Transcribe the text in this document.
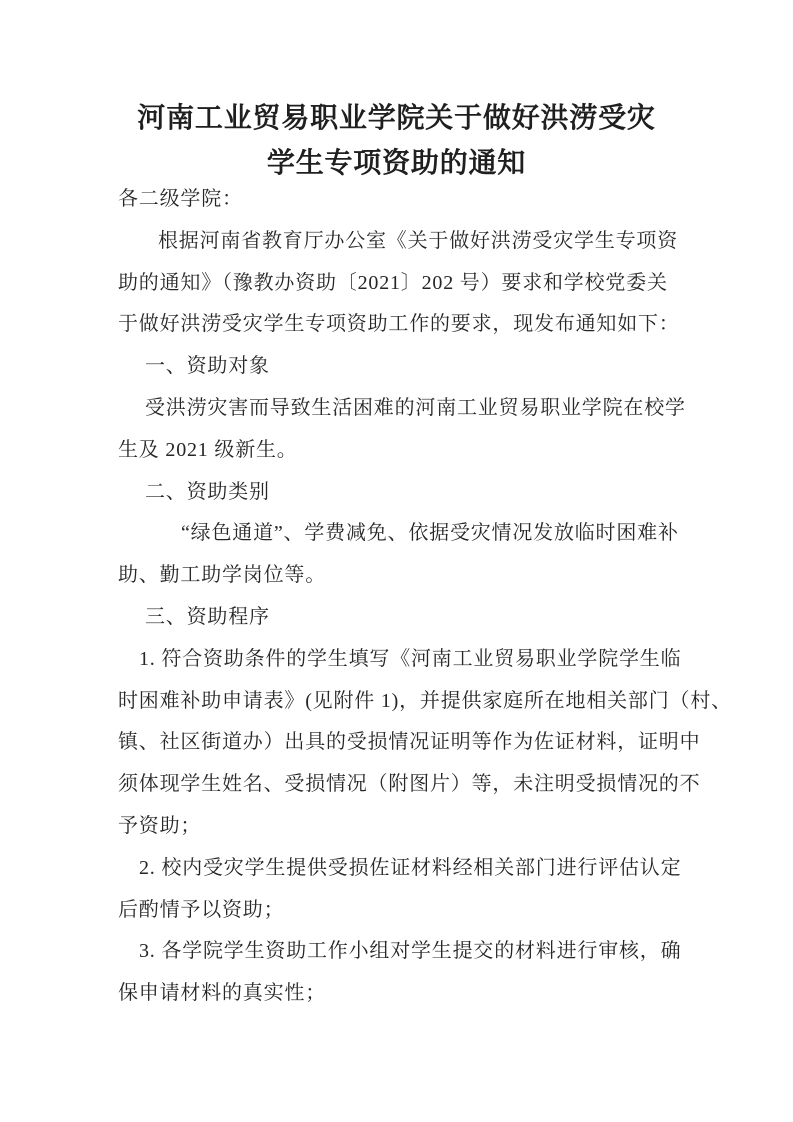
河南工业贸易职业学院关于做好洪涝受灾
学生专项资助的通知
各二级学院：
根据河南省教育厅办公室《关于做好洪涝受灾学生专项资
助的通知》（豫教办资助〔2021〕202 号）要求和学校党委关
于做好洪涝受灾学生专项资助工作的要求，现发布通知如下：
一、资助对象
受洪涝灾害而导致生活困难的河南工业贸易职业学院在校学
生及 2021 级新生。
二、资助类别
“绿色通道”、学费减免、依据受灾情况发放临时困难补
助、勤工助学岗位等。
三、资助程序
1. 符合资助条件的学生填写《河南工业贸易职业学院学生临
时困难补助申请表》(见附件 1)，并提供家庭所在地相关部门（村、
镇、社区街道办）出具的受损情况证明等作为佐证材料，证明中
须体现学生姓名、受损情况（附图片）等，未注明受损情况的不
予资助；
2. 校内受灾学生提供受损佐证材料经相关部门进行评估认定
后酌情予以资助；
3. 各学院学生资助工作小组对学生提交的材料进行审核，确
保申请材料的真实性；
